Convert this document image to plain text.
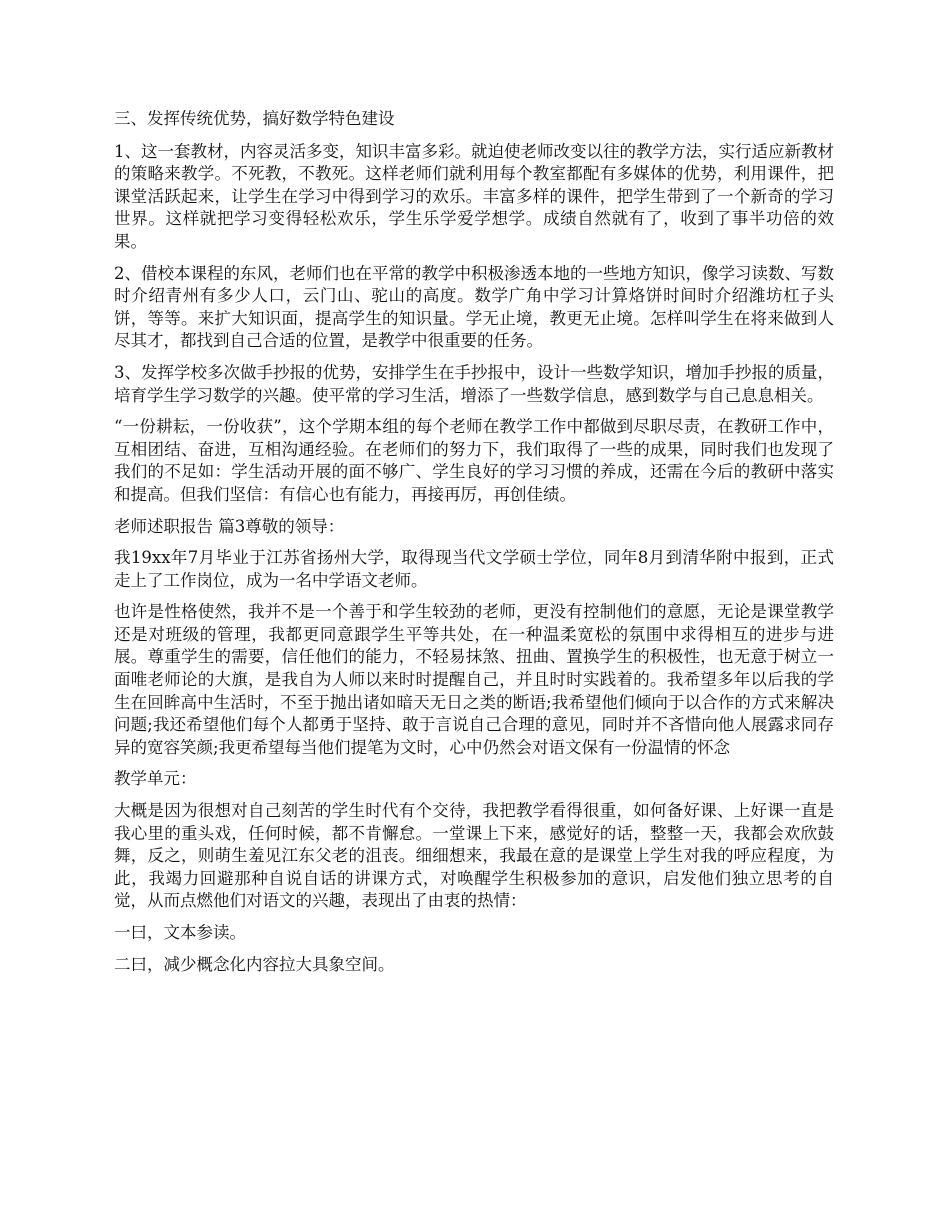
三、发挥传统优势，搞好数学特色建设

1、这一套教材，内容灵活多变，知识丰富多彩。就迫使老师改变以往的教学方法，实行适应新教材的策略来教学。不死教，不教死。这样老师们就利用每个教室都配有多媒体的优势，利用课件，把课堂活跃起来，让学生在学习中得到学习的欢乐。丰富多样的课件，把学生带到了一个新奇的学习世界。这样就把学习变得轻松欢乐，学生乐学爱学想学。成绩自然就有了，收到了事半功倍的效果。

2、借校本课程的东风，老师们也在平常的教学中积极渗透本地的一些地方知识，像学习读数、写数时介绍青州有多少人口，云门山、驼山的高度。数学广角中学习计算烙饼时间时介绍潍坊杠子头饼，等等。来扩大知识面，提高学生的知识量。学无止境，教更无止境。怎样叫学生在将来做到人尽其才，都找到自己合适的位置，是教学中很重要的任务。

3、发挥学校多次做手抄报的优势，安排学生在手抄报中，设计一些数学知识，增加手抄报的质量，培育学生学习数学的兴趣。使平常的学习生活，增添了一些数学信息，感到数学与自己息息相关。

“一份耕耘，一份收获”，这个学期本组的每个老师在教学工作中都做到尽职尽责，在教研工作中，互相团结、奋进，互相沟通经验。在老师们的努力下，我们取得了一些的成果，同时我们也发现了我们的不足如：学生活动开展的面不够广、学生良好的学习习惯的养成，还需在今后的教研中落实和提高。但我们坚信：有信心也有能力，再接再厉，再创佳绩。

老师述职报告 篇3尊敬的领导：

我19xx年7月毕业于江苏省扬州大学，取得现当代文学硕士学位，同年8月到清华附中报到，正式走上了工作岗位，成为一名中学语文老师。

也许是性格使然，我并不是一个善于和学生较劲的老师，更没有控制他们的意愿，无论是课堂教学还是对班级的管理，我都更同意跟学生平等共处，在一种温柔宽松的氛围中求得相互的进步与进展。尊重学生的需要，信任他们的能力，不轻易抹煞、扭曲、置换学生的积极性，也无意于树立一面唯老师论的大旗，是我自为人师以来时时提醒自己，并且时时实践着的。我希望多年以后我的学生在回眸高中生活时，不至于抛出诸如暗天无日之类的断语;我希望他们倾向于以合作的方式来解决问题;我还希望他们每个人都勇于坚持、敢于言说自己合理的意见，同时并不吝惜向他人展露求同存异的宽容笑颜;我更希望每当他们提笔为文时，心中仍然会对语文保有一份温情的怀念

教学单元：

大概是因为很想对自己刻苦的学生时代有个交待，我把教学看得很重，如何备好课、上好课一直是我心里的重头戏，任何时候，都不肯懈怠。一堂课上下来，感觉好的话，整整一天，我都会欢欣鼓舞，反之，则萌生羞见江东父老的沮丧。细细想来，我最在意的是课堂上学生对我的呼应程度，为此，我竭力回避那种自说自话的讲课方式，对唤醒学生积极参加的意识，启发他们独立思考的自觉，从而点燃他们对语文的兴趣，表现出了由衷的热情：

一曰，文本参读。

二曰，减少概念化内容拉大具象空间。
